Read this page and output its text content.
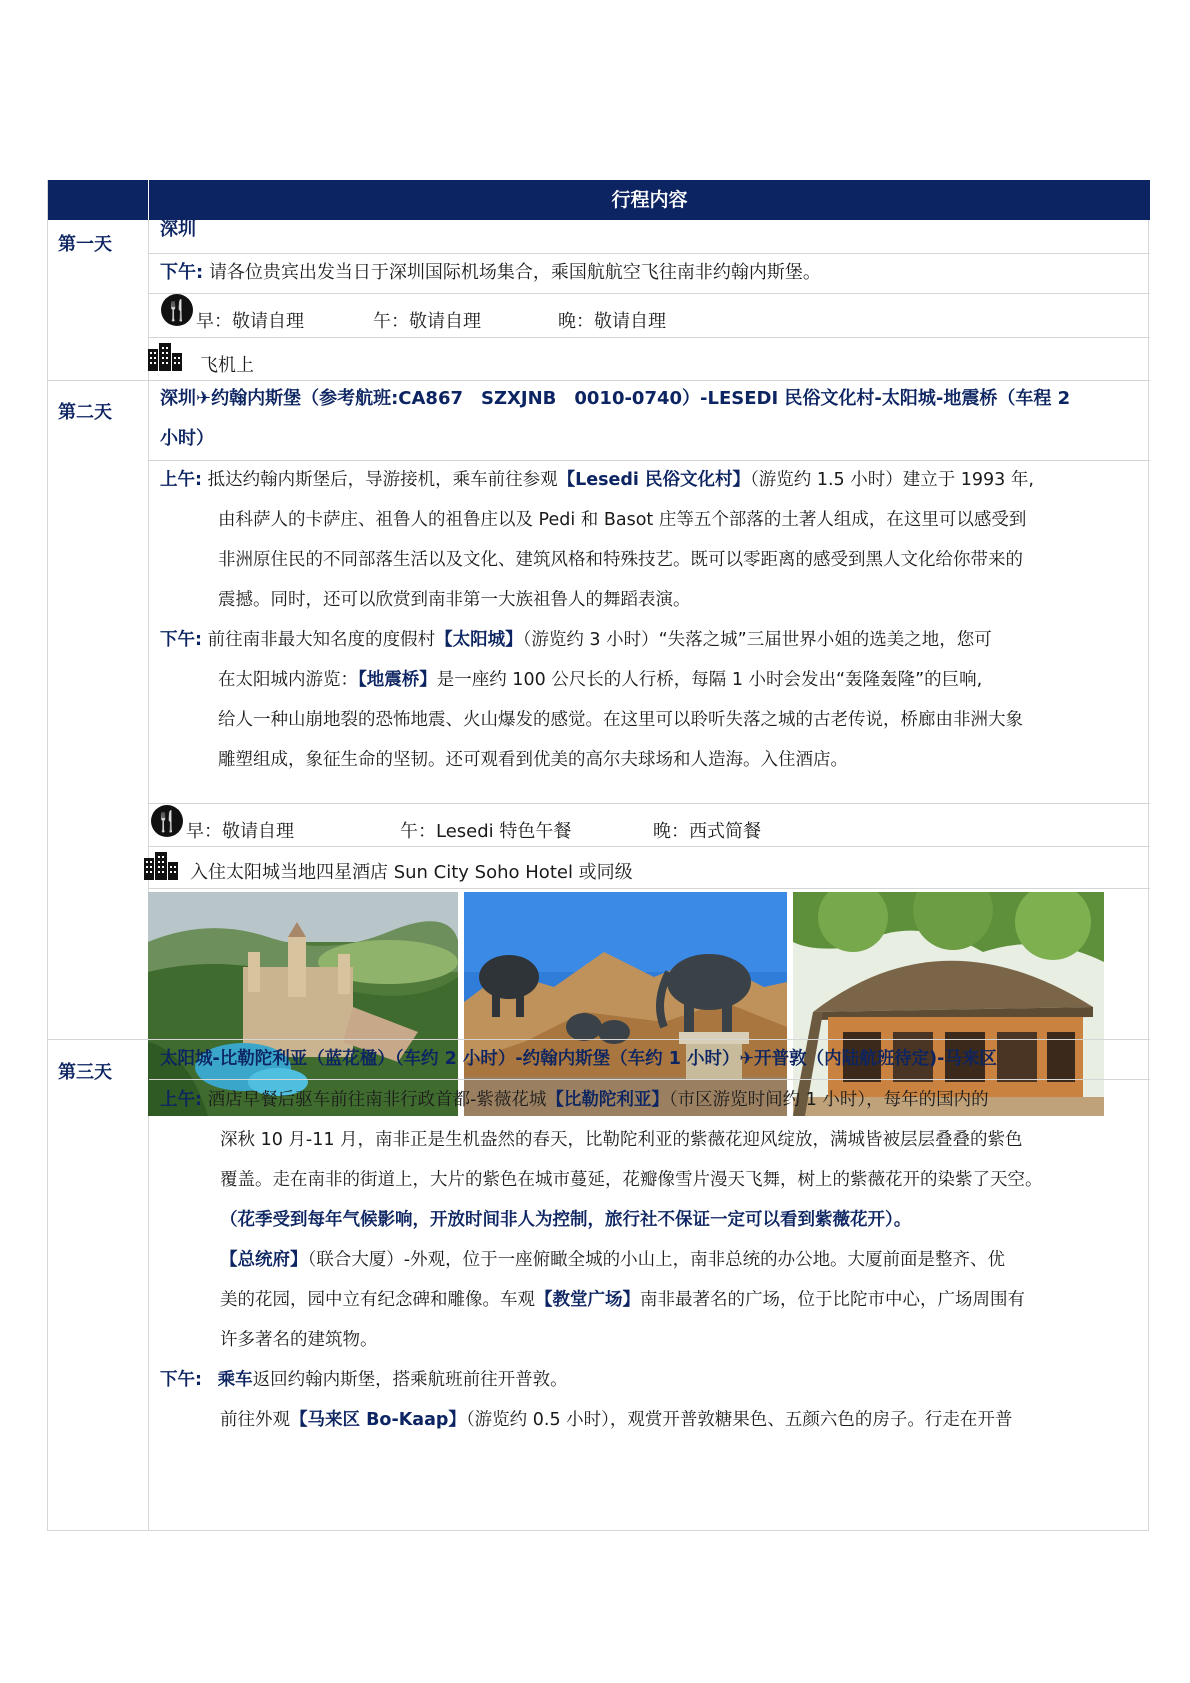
行程内容
第一天
深圳
下午: 请各位贵宾出发当日于深圳国际机场集合，乘国航航空飞往南非约翰内斯堡。
🍴 早：敬请自理	午：敬请自理	晚：敬请自理
飞机上
第二天
深圳✈约翰内斯堡（参考航班:CA867　SZXJNB　0010-0740）-LESEDI 民俗文化村-太阳城-地震桥（车程 2
小时）
上午: 抵达约翰内斯堡后，导游接机，乘车前往参观【Lesedi 民俗文化村】（游览约 1.5 小时）建立于 1993 年,
由科萨人的卡萨庄、祖鲁人的祖鲁庄以及 Pedi 和 Basot 庄等五个部落的土著人组成，在这里可以感受到
非洲原住民的不同部落生活以及文化、建筑风格和特殊技艺。既可以零距离的感受到黑人文化给你带来的
震撼。同时，还可以欣赏到南非第一大族祖鲁人的舞蹈表演。
下午: 前往南非最大知名度的度假村【太阳城】（游览约 3 小时）“失落之城”三届世界小姐的选美之地，您可
在太阳城内游览：【地震桥】是一座约 100 公尺长的人行桥，每隔 1 小时会发出“轰隆轰隆”的巨响,
给人一种山崩地裂的恐怖地震、火山爆发的感觉。在这里可以聆听失落之城的古老传说，桥廊由非洲大象
雕塑组成，象征生命的坚韧。还可观看到优美的高尔夫球场和人造海。入住酒店。
🍴 早：敬请自理	午：Lesedi 特色午餐	晚：西式简餐
入住太阳城当地四星酒店 Sun City Soho Hotel 或同级
第三天
太阳城-比勒陀利亚（蓝花楹）（车约 2 小时）-约翰内斯堡（车约 1 小时）✈开普敦（内陆航班待定)-马来区
上午: 酒店早餐后驱车前往南非行政首都-紫薇花城【比勒陀利亚】（市区游览时间约 1 小时），每年的国内的
深秋 10 月-11 月，南非正是生机盎然的春天，比勒陀利亚的紫薇花迎风绽放，满城皆被层层叠叠的紫色
覆盖。走在南非的街道上，大片的紫色在城市蔓延，花瓣像雪片漫天飞舞，树上的紫薇花开的染紫了天空。
（花季受到每年气候影响，开放时间非人为控制，旅行社不保证一定可以看到紫薇花开）。
【总统府】（联合大厦）-外观，位于一座俯瞰全城的小山上，南非总统的办公地。大厦前面是整齐、优
美的花园，园中立有纪念碑和雕像。车观【教堂广场】南非最著名的广场，位于比陀市中心，广场周围有
许多著名的建筑物。
下午: 乘车返回约翰内斯堡，搭乘航班前往开普敦。
前往外观【马来区 Bo-Kaap】（游览约 0.5 小时），观赏开普敦糖果色、五颜六色的房子。行走在开普
